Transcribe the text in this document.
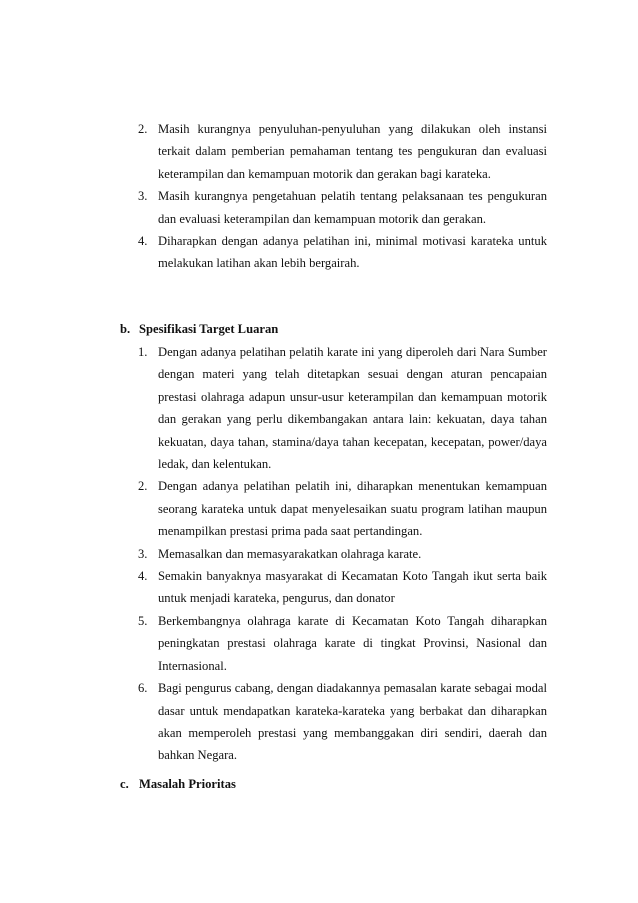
2. Masih kurangnya penyuluhan-penyuluhan yang dilakukan oleh instansi terkait dalam pemberian pemahaman tentang tes pengukuran dan evaluasi keterampilan dan kemampuan motorik dan gerakan bagi karateka.
3. Masih kurangnya pengetahuan pelatih tentang pelaksanaan tes pengukuran dan evaluasi keterampilan dan kemampuan motorik dan gerakan.
4. Diharapkan dengan adanya pelatihan ini, minimal motivasi karateka untuk melakukan latihan akan lebih bergairah.
b. Spesifikasi Target Luaran
1. Dengan adanya pelatihan pelatih karate ini yang diperoleh dari Nara Sumber dengan materi yang telah ditetapkan sesuai dengan aturan pencapaian prestasi olahraga adapun unsur-usur keterampilan dan kemampuan motorik dan gerakan yang perlu dikembangakan antara lain: kekuatan, daya tahan kekuatan, daya tahan, stamina/daya tahan kecepatan, kecepatan, power/daya ledak, dan kelentukan.
2. Dengan adanya pelatihan pelatih ini, diharapkan menentukan kemampuan seorang karateka untuk dapat menyelesaikan suatu program latihan maupun menampilkan prestasi prima pada saat pertandingan.
3. Memasalkan dan memasyarakatkan olahraga karate.
4. Semakin banyaknya masyarakat di Kecamatan Koto Tangah ikut serta baik untuk menjadi karateka, pengurus, dan donator
5. Berkembangnya olahraga karate di Kecamatan Koto Tangah diharapkan peningkatan prestasi olahraga karate di tingkat Provinsi, Nasional dan Internasional.
6. Bagi pengurus cabang, dengan diadakannya pemasalan karate sebagai modal dasar untuk mendapatkan karateka-karateka yang berbakat dan diharapkan akan memperoleh prestasi yang membanggakan diri sendiri, daerah dan bahkan Negara.
c. Masalah Prioritas
